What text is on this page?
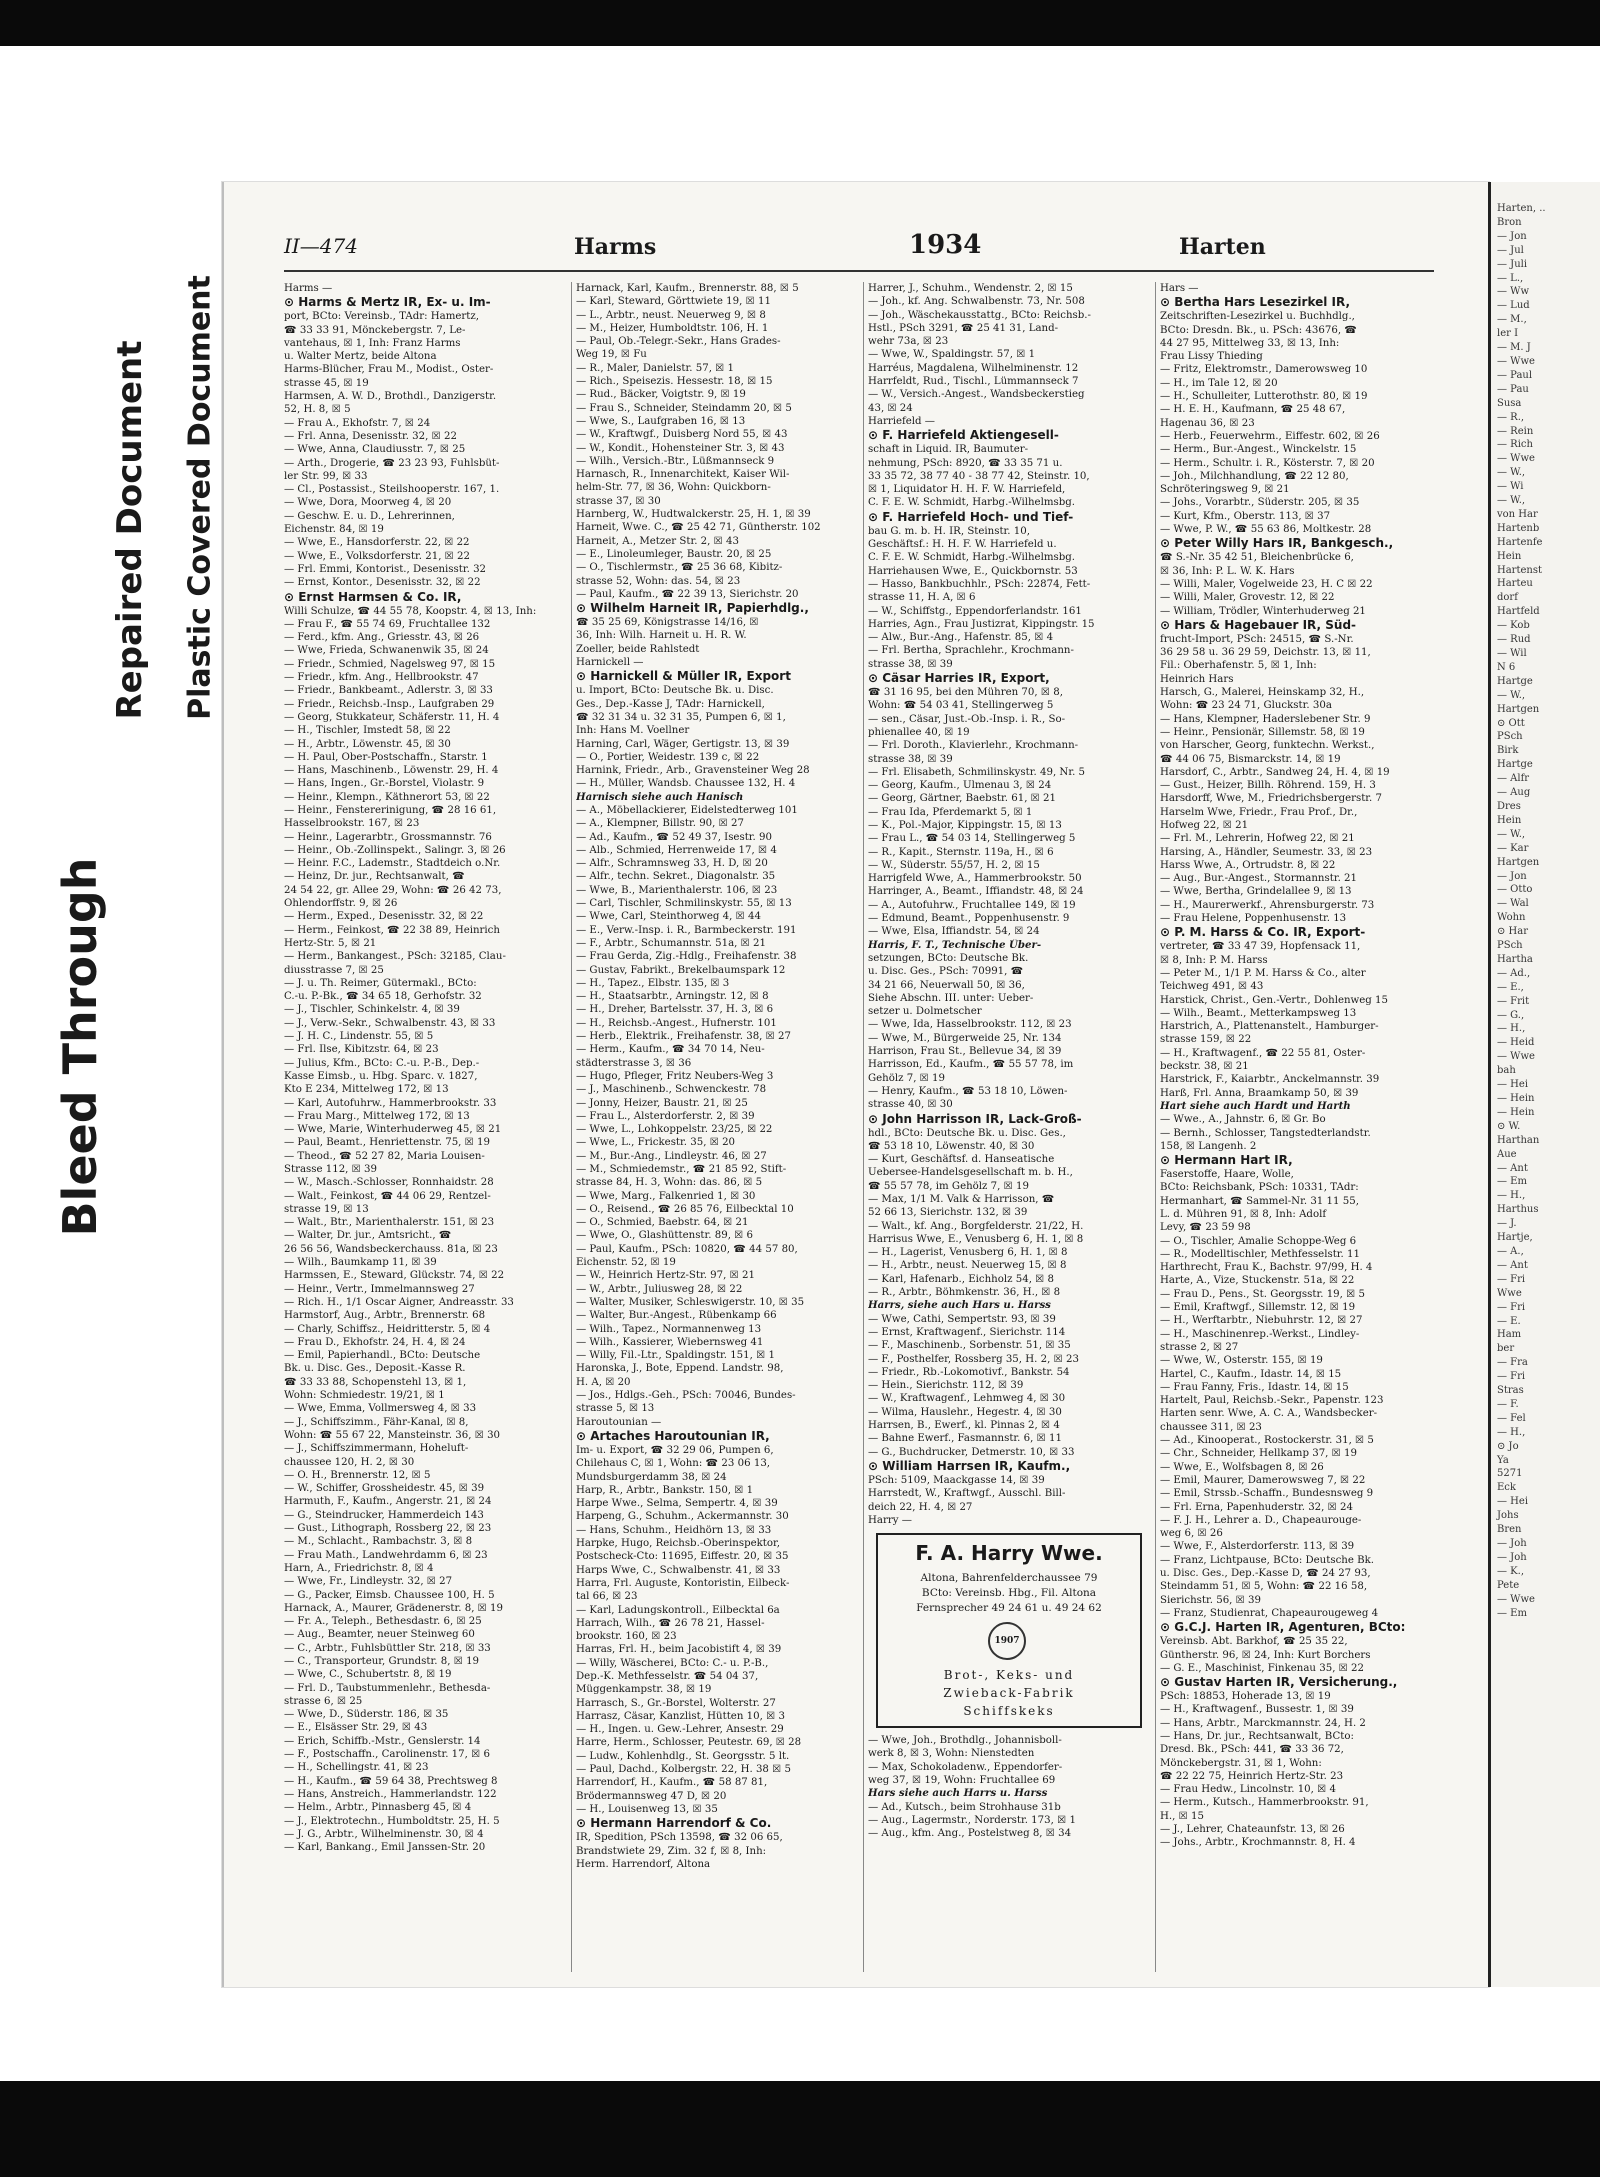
Bleed Through
Repaired Document Plastic Covered Document
II—474	Harms	1934	Harten
Harms —
⊙ Harms & Mertz IR, Ex- u. Im-
port, BCto: Vereinsb., TAdr: Hamertz,
☎ 33 33 91, Mönckebergstr. 7, Le-
vantehaus, ☒ 1, Inh: Franz Harms
u. Walter Mertz, beide Altona
Harms-Blücher, Frau M., Modist., Oster-
strasse 45, ☒ 19
Harmsen, A. W. D., Brothdl., Danzigerstr.
52, H. 8, ☒ 5
— Frau A., Ekhofstr. 7, ☒ 24
— Frl. Anna, Desenisstr. 32, ☒ 22
— Wwe, Anna, Claudiusstr. 7, ☒ 25
— Arth., Drogerie, ☎ 23 23 93, Fuhlsbüt-
ler Str. 99, ☒ 33
— Cl., Postassist., Steilshooperstr. 167, 1.
— Wwe, Dora, Moorweg 4, ☒ 20
— Geschw. E. u. D., Lehrerinnen,
Eichenstr. 84, ☒ 19
— Wwe, E., Hansdorferstr. 22, ☒ 22
— Wwe, E., Volksdorferstr. 21, ☒ 22
— Frl. Emmi, Kontorist., Desenisstr. 32
— Ernst, Kontor., Desenisstr. 32, ☒ 22
⊙ Ernst Harmsen & Co. IR,
Willi Schulze, ☎ 44 55 78, Koopstr. 4, ☒ 13, Inh:
— Frau F., ☎ 55 74 69, Fruchtallee 132
— Ferd., kfm. Ang., Griesstr. 43, ☒ 26
— Wwe, Frieda, Schwanenwik 35, ☒ 24
— Friedr., Schmied, Nagelsweg 97, ☒ 15
— Friedr., kfm. Ang., Hellbrookstr. 47
— Friedr., Bankbeamt., Adlerstr. 3, ☒ 33
— Friedr., Reichsb.-Insp., Laufgraben 29
— Georg, Stukkateur, Schäferstr. 11, H. 4
— H., Tischler, Imstedt 58, ☒ 22
— H., Arbtr., Löwenstr. 45, ☒ 30
— H. Paul, Ober-Postschaffn., Starstr. 1
— Hans, Maschinenb., Löwenstr. 29, H. 4
— Hans, Ingen., Gr.-Borstel, Violastr. 9
— Heinr., Klempn., Käthnerort 53, ☒ 22
— Heinr., Fenstererinigung, ☎ 28 16 61,
Hasselbrookstr. 167, ☒ 23
— Heinr., Lagerarbtr., Grossmannstr. 76
— Heinr., Ob.-Zollinspekt., Salingr. 3, ☒ 26
— Heinr. F.C., Lademstr., Stadtdeich o.Nr.
— Heinz, Dr. jur., Rechtsanwalt, ☎
24 54 22, gr. Allee 29, Wohn: ☎ 26 42 73,
Ohlendorffstr. 9, ☒ 26
— Herm., Exped., Desenisstr. 32, ☒ 22
— Herm., Feinkost, ☎ 22 38 89, Heinrich
Hertz-Str. 5, ☒ 21
— Herm., Bankangest., PSch: 32185, Clau-
diusstrasse 7, ☒ 25
— J. u. Th. Reimer, Gütermakl., BCto:
C.-u. P.-Bk., ☎ 34 65 18, Gerhofstr. 32
— J., Tischler, Schinkelstr. 4, ☒ 39
— J., Verw.-Sekr., Schwalbenstr. 43, ☒ 33
— J. H. C., Lindenstr. 55, ☒ 5
— Frl. Ilse, Kibitzstr. 64, ☒ 23
— Julius, Kfm., BCto: C.-u. P.-B., Dep.-
Kasse Eimsb., u. Hbg. Sparc. v. 1827,
Kto E 234, Mittelweg 172, ☒ 13
— Karl, Autofuhrw., Hammerbrookstr. 33
— Frau Marg., Mittelweg 172, ☒ 13
— Wwe, Marie, Winterhuderweg 45, ☒ 21
— Paul, Beamt., Henriettenstr. 75, ☒ 19
— Theod., ☎ 52 27 82, Maria Louisen-
Strasse 112, ☒ 39
— W., Masch.-Schlosser, Ronnhaidstr. 28
— Walt., Feinkost, ☎ 44 06 29, Rentzel-
strasse 19, ☒ 13
— Walt., Btr., Marienthalerstr. 151, ☒ 23
— Walter, Dr. jur., Amtsricht., ☎
26 56 56, Wandsbeckerchauss. 81a, ☒ 23
— Wilh., Baumkamp 11, ☒ 39
Harmssen, E., Steward, Glückstr. 74, ☒ 22
— Heinr., Vertr., Immelmannsweg 27
— Rich. H., 1/1 Oscar Aigner, Andreasstr. 33
Harmstorf, Aug., Arbtr., Brennerstr. 68
— Charly, Schiffsz., Heidritterstr. 5, ☒ 4
— Frau D., Ekhofstr. 24, H. 4, ☒ 24
— Emil, Papierhandl., BCto: Deutsche
Bk. u. Disc. Ges., Deposit.-Kasse R.
☎ 33 33 88, Schopenstehl 13, ☒ 1,
Wohn: Schmiedestr. 19/21, ☒ 1
— Wwe, Emma, Vollmersweg 4, ☒ 33
— J., Schiffszimm., Fähr-Kanal, ☒ 8,
Wohn: ☎ 55 67 22, Mansteinstr. 36, ☒ 30
— J., Schiffszimmermann, Hoheluft-
chaussee 120, H. 2, ☒ 30
— O. H., Brennerstr. 12, ☒ 5
— W., Schiffer, Grossheidestr. 45, ☒ 39
Harmuth, F., Kaufm., Angerstr. 21, ☒ 24
— G., Steindrucker, Hammerdeich 143
— Gust., Lithograph, Rossberg 22, ☒ 23
— M., Schlacht., Rambachstr. 3, ☒ 8
— Frau Math., Landwehrdamm 6, ☒ 23
Harn, A., Friedrichstr. 8, ☒ 4
— Wwe, Fr., Lindleystr. 32, ☒ 27
— G., Packer, Eimsb. Chaussee 100, H. 5
Harnack, A., Maurer, Grädenerstr. 8, ☒ 19
— Fr. A., Teleph., Bethesdastr. 6, ☒ 25
— Aug., Beamter, neuer Steinweg 60
— C., Arbtr., Fuhlsbüttler Str. 218, ☒ 33
— C., Transporteur, Grundstr. 8, ☒ 19
— Wwe, C., Schubertstr. 8, ☒ 19
— Frl. D., Taubstummenlehr., Bethesda-
strasse 6, ☒ 25
— Wwe, D., Süderstr. 186, ☒ 35
— E., Elsässer Str. 29, ☒ 43
— Erich, Schiffb.-Mstr., Genslerstr. 14
— F., Postschaffn., Carolinenstr. 17, ☒ 6
— H., Schellingstr. 41, ☒ 23
— H., Kaufm., ☎ 59 64 38, Prechtsweg 8
— Hans, Anstreich., Hammerlandstr. 122
— Helm., Arbtr., Pinnasberg 45, ☒ 4
— J., Elektrotechn., Humboldtstr. 25, H. 5
— J. G., Arbtr., Wilhelminenstr. 30, ☒ 4
— Karl, Bankang., Emil Janssen-Str. 20
Harnack, Karl, Kaufm., Brennerstr. 88, ☒ 5
— Karl, Steward, Görttwiete 19, ☒ 11
— L., Arbtr., neust. Neuerweg 9, ☒ 8
— M., Heizer, Humboldtstr. 106, H. 1
— Paul, Ob.-Telegr.-Sekr., Hans Grades-
Weg 19, ☒ Fu
— R., Maler, Danielstr. 57, ☒ 1
— Rich., Speisezis. Hessestr. 18, ☒ 15
— Rud., Bäcker, Voigtstr. 9, ☒ 19
— Frau S., Schneider, Steindamm 20, ☒ 5
— Wwe, S., Laufgraben 16, ☒ 13
— W., Kraftwgf., Duisberg Nord 55, ☒ 43
— W., Kondit., Hohensteiner Str. 3, ☒ 43
— Wilh., Versich.-Btr., Lüßmannseck 9
Harnasch, R., Innenarchitekt, Kaiser Wil-
helm-Str. 77, ☒ 36, Wohn: Quickborn-
strasse 37, ☒ 30
Harnberg, W., Hudtwalckerstr. 25, H. 1, ☒ 39
Harneit, Wwe. C., ☎ 25 42 71, Güntherstr. 102
Harneit, A., Metzer Str. 2, ☒ 43
— E., Linoleumleger, Baustr. 20, ☒ 25
— O., Tischlermstr., ☎ 25 36 68, Kibitz-
strasse 52, Wohn: das. 54, ☒ 23
— Paul, Kaufm., ☎ 22 39 13, Sierichstr. 20
⊙ Wilhelm Harneit IR, Papierhdlg.,
☎ 35 25 69, Königstrasse 14/16, ☒
36, Inh: Wilh. Harneit u. H. R. W.
Zoeller, beide Rahlstedt
Harnickell —
⊙ Harnickell & Müller IR, Export
u. Import, BCto: Deutsche Bk. u. Disc.
Ges., Dep.-Kasse J, TAdr: Harnickell,
☎ 32 31 34 u. 32 31 35, Pumpen 6, ☒ 1,
Inh: Hans M. Voellner
Harning, Carl, Wäger, Gertigstr. 13, ☒ 39
— O., Portier, Weidestr. 139 c, ☒ 22
Harnink, Friedr., Arb., Gravensteiner Weg 28
— H., Müller, Wandsb. Chaussee 132, H. 4
Harnisch siehe auch Hanisch
— A., Möbellackierer, Eidelstedterweg 101
— A., Klempner, Billstr. 90, ☒ 27
— Ad., Kaufm., ☎ 52 49 37, Isestr. 90
— Alb., Schmied, Herrenweide 17, ☒ 4
— Alfr., Schramnsweg 33, H. D, ☒ 20
— Alfr., techn. Sekret., Diagonalstr. 35
— Wwe, B., Marienthalerstr. 106, ☒ 23
— Carl, Tischler, Schmilinskystr. 55, ☒ 13
— Wwe, Carl, Steinthorweg 4, ☒ 44
— E., Verw.-Insp. i. R., Barmbeckerstr. 191
— F., Arbtr., Schumannstr. 51a, ☒ 21
— Frau Gerda, Zig.-Hdlg., Freihafenstr. 38
— Gustav, Fabrikt., Brekelbaumspark 12
— H., Tapez., Elbstr. 135, ☒ 3
— H., Staatsarbtr., Arningstr. 12, ☒ 8
— H., Dreher, Bartelsstr. 37, H. 3, ☒ 6
— H., Reichsb.-Angest., Hufnerstr. 101
— Herb., Elektrik., Freihafenstr. 38, ☒ 27
— Herm., Kaufm., ☎ 34 70 14, Neu-
städterstrasse 3, ☒ 36
— Hugo, Pfleger, Fritz Neubers-Weg 3
— J., Maschinenb., Schwenckestr. 78
— Jonny, Heizer, Baustr. 21, ☒ 25
— Frau L., Alsterdorferstr. 2, ☒ 39
— Wwe, L., Lohkoppelstr. 23/25, ☒ 22
— Wwe, L., Frickestr. 35, ☒ 20
— M., Bur.-Ang., Lindleystr. 46, ☒ 27
— M., Schmiedemstr., ☎ 21 85 92, Stift-
strasse 84, H. 3, Wohn: das. 86, ☒ 5
— Wwe, Marg., Falkenried 1, ☒ 30
— O., Reisend., ☎ 26 85 76, Eilbecktal 10
— O., Schmied, Baebstr. 64, ☒ 21
— Wwe, O., Glashüttenstr. 89, ☒ 6
— Paul, Kaufm., PSch: 10820, ☎ 44 57 80,
Eichenstr. 52, ☒ 19
— W., Heinrich Hertz-Str. 97, ☒ 21
— W., Arbtr., Juliusweg 28, ☒ 22
— Walter, Musiker, Schleswigerstr. 10, ☒ 35
— Walter, Bur.-Angest., Rübenkamp 66
— Wilh., Tapez., Normannenweg 13
— Wilh., Kassierer, Wiebernsweg 41
— Willy, Fil.-Ltr., Spaldingstr. 151, ☒ 1
Haronska, J., Bote, Eppend. Landstr. 98,
H. A, ☒ 20
— Jos., Hdlgs.-Geh., PSch: 70046, Bundes-
strasse 5, ☒ 13
Haroutounian —
⊙ Artaches Haroutounian IR,
Im- u. Export, ☎ 32 29 06, Pumpen 6,
Chilehaus C, ☒ 1, Wohn: ☎ 23 06 13,
Mundsburgerdamm 38, ☒ 24
Harp, R., Arbtr., Bankstr. 150, ☒ 1
Harpe Wwe., Selma, Sempertr. 4, ☒ 39
Harpeng, G., Schuhm., Ackermannstr. 30
— Hans, Schuhm., Heidhörn 13, ☒ 33
Harpke, Hugo, Reichsb.-Oberinspektor,
Postscheck-Cto: 11695, Eiffestr. 20, ☒ 35
Harps Wwe, C., Schwalbenstr. 41, ☒ 33
Harra, Frl. Auguste, Kontoristin, Eilbeck-
tal 66, ☒ 23
— Karl, Ladungskontroll., Eilbecktal 6a
Harrach, Wilh., ☎ 26 78 21, Hassel-
brookstr. 160, ☒ 23
Harras, Frl. H., beim Jacobistift 4, ☒ 39
— Willy, Wäscherei, BCto: C.- u. P.-B.,
Dep.-K. Methfesselstr. ☎ 54 04 37,
Müggenkampstr. 38, ☒ 19
Harrasch, S., Gr.-Borstel, Wolterstr. 27
Harrasz, Cäsar, Kanzlist, Hütten 10, ☒ 3
— H., Ingen. u. Gew.-Lehrer, Ansestr. 29
Harre, Herm., Schlosser, Peutestr. 69, ☒ 28
— Ludw., Kohlenhdlg., St. Georgsstr. 5 lt.
— Paul, Dachd., Kolbergstr. 22, H. 38 ☒ 5
Harrendorf, H., Kaufm., ☎ 58 87 81,
Brödermannsweg 47 D, ☒ 20
— H., Louisenweg 13, ☒ 35
⊙ Hermann Harrendorf & Co.
IR, Spedition, PSch 13598, ☎ 32 06 65,
Brandstwiete 29, Zim. 32 f, ☒ 8, Inh:
Herm. Harrendorf, Altona
Harrer, J., Schuhm., Wendenstr. 2, ☒ 15
— Joh., kf. Ang. Schwalbenstr. 73, Nr. 508
— Joh., Wäschekausstattg., BCto: Reichsb.-
Hstl., PSch 3291, ☎ 25 41 31, Land-
wehr 73a, ☒ 23
— Wwe, W., Spaldingstr. 57, ☒ 1
Harréus, Magdalena, Wilhelminenstr. 12
Harrfeldt, Rud., Tischl., Lümmannseck 7
— W., Versich.-Angest., Wandsbeckerstieg
43, ☒ 24
Harriefeld —
⊙ F. Harriefeld Aktiengesell-
schaft in Liquid. IR, Baumuter-
nehmung, PSch: 8920, ☎ 33 35 71 u.
33 35 72, 38 77 40 - 38 77 42, Steinstr. 10,
☒ 1, Liquidator H. H. F. W. Harriefeld,
C. F. E. W. Schmidt, Harbg.-Wilhelmsbg.
⊙ F. Harriefeld Hoch- und Tief-
bau G. m. b. H. IR, Steinstr. 10,
Geschäftsf.: H. H. F. W. Harriefeld u.
C. F. E. W. Schmidt, Harbg.-Wilhelmsbg.
Harriehausen Wwe, E., Quickbornstr. 53
— Hasso, Bankbuchhlr., PSch: 22874, Fett-
strasse 11, H. A, ☒ 6
— W., Schiffstg., Eppendorferlandstr. 161
Harries, Agn., Frau Justizrat, Kippingstr. 15
— Alw., Bur.-Ang., Hafenstr. 85, ☒ 4
— Frl. Bertha, Sprachlehr., Krochmann-
strasse 38, ☒ 39
⊙ Cäsar Harries IR, Export,
☎ 31 16 95, bei den Mühren 70, ☒ 8,
Wohn: ☎ 54 03 41, Stellingerweg 5
— sen., Cäsar, Just.-Ob.-Insp. i. R., So-
phienallee 40, ☒ 19
— Frl. Doroth., Klavierlehr., Krochmann-
strasse 38, ☒ 39
— Frl. Elisabeth, Schmilinskystr. 49, Nr. 5
— Georg, Kaufm., Ulmenau 3, ☒ 24
— Georg, Gärtner, Baebstr. 61, ☒ 21
— Frau Ida, Pferdemarkt 5, ☒ 1
— K., Pol.-Major, Kippingstr. 15, ☒ 13
— Frau L., ☎ 54 03 14, Stellingerweg 5
— R., Kapit., Sternstr. 119a, H., ☒ 6
— W., Süderstr. 55/57, H. 2, ☒ 15
Harrigfeld Wwe, A., Hammerbrookstr. 50
Harringer, A., Beamt., Iffiandstr. 48, ☒ 24
— A., Autofuhrw., Fruchtallee 149, ☒ 19
— Edmund, Beamt., Poppenhusenstr. 9
— Wwe, Elsa, Iffiandstr. 54, ☒ 24
Harris, F. T., Technische Über-
setzungen, BCto: Deutsche Bk.
u. Disc. Ges., PSch: 70991, ☎
34 21 66, Neuerwall 50, ☒ 36,
Siehe Abschn. III. unter: Ueber-
setzer u. Dolmetscher
— Wwe, Ida, Hasselbrookstr. 112, ☒ 23
— Wwe, M., Bürgerweide 25, Nr. 134
Harrison, Frau St., Bellevue 34, ☒ 39
Harrisson, Ed., Kaufm., ☎ 55 57 78, im
Gehölz 7, ☒ 19
— Henry, Kaufm., ☎ 53 18 10, Löwen-
strasse 40, ☒ 30
⊙ John Harrisson IR, Lack-Groß-
hdl., BCto: Deutsche Bk. u. Disc. Ges.,
☎ 53 18 10, Löwenstr. 40, ☒ 30
— Kurt, Geschäftsf. d. Hanseatische
Uebersee-Handelsgesellschaft m. b. H.,
☎ 55 57 78, im Gehölz 7, ☒ 19
— Max, 1/1 M. Valk & Harrisson, ☎
52 66 13, Sierichstr. 132, ☒ 39
— Walt., kf. Ang., Borgfelderstr. 21/22, H.
Harrisus Wwe, E., Venusberg 6, H. 1, ☒ 8
— H., Lagerist, Venusberg 6, H. 1, ☒ 8
— H., Arbtr., neust. Neuerweg 15, ☒ 8
— Karl, Hafenarb., Eichholz 54, ☒ 8
— R., Arbtr., Böhmkenstr. 36, H., ☒ 8
Harrs, siehe auch Hars u. Harss
— Wwe, Cathi, Sempertstr. 93, ☒ 39
— Ernst, Kraftwagenf., Sierichstr. 114
— F., Maschinenb., Sorbenstr. 51, ☒ 35
— F., Posthelfer, Rossberg 35, H. 2, ☒ 23
— Friedr., Rb.-Lokomotivf., Bankstr. 54
— Hein., Sierichstr. 112, ☒ 39
— W., Kraftwagenf., Lehmweg 4, ☒ 30
— Wilma, Hauslehr., Hegestr. 4, ☒ 30
Harrsen, B., Ewerf., kl. Pinnas 2, ☒ 4
— Bahne Ewerf., Fasmannstr. 6, ☒ 11
— G., Buchdrucker, Detmerstr. 10, ☒ 33
⊙ William Harrsen IR, Kaufm.,
PSch: 5109, Maackgasse 14, ☒ 39
Harrstedt, W., Kraftwgf., Ausschl. Bill-
deich 22, H. 4, ☒ 27
Harry —
F. A. Harry Wwe.
Altona, Bahrenfelderchaussee 79
BCto: Vereinsb. Hbg., Fil. Altona
Fernsprecher 49 24 61 u. 49 24 62
1907
Brot-, Keks- und
Zwieback-Fabrik
Schiffskeks
— Wwe, Joh., Brothdlg., Johannisboll-
werk 8, ☒ 3, Wohn: Nienstedten
— Max, Schokoladenw., Eppendorfer-
weg 37, ☒ 19, Wohn: Fruchtallee 69
Hars siehe auch Harrs u. Harss
— Ad., Kutsch., beim Strohhause 31b
— Aug., Lagermstr., Norderstr. 173, ☒ 1
— Aug., kfm. Ang., Postelstweg 8, ☒ 34
Hars —
⊙ Bertha Hars Lesezirkel IR,
Zeitschriften-Lesezirkel u. Buchhdlg.,
BCto: Dresdn. Bk., u. PSch: 43676, ☎
44 27 95, Mittelweg 33, ☒ 13, Inh:
Frau Lissy Thieding
— Fritz, Elektromstr., Damerowsweg 10
— H., im Tale 12, ☒ 20
— H., Schulleiter, Lutterothstr. 80, ☒ 19
— H. E. H., Kaufmann, ☎ 25 48 67,
Hagenau 36, ☒ 23
— Herb., Feuerwehrm., Eiffestr. 602, ☒ 26
— Herm., Bur.-Angest., Winckelstr. 15
— Herm., Schultr. i. R., Kösterstr. 7, ☒ 20
— Joh., Milchhandlung, ☎ 22 12 80,
Schröteringsweg 9, ☒ 21
— Johs., Vorarbtr., Süderstr. 205, ☒ 35
— Kurt, Kfm., Oberstr. 113, ☒ 37
— Wwe, P. W., ☎ 55 63 86, Moltkestr. 28
⊙ Peter Willy Hars IR, Bankgesch.,
☎ S.-Nr. 35 42 51, Bleichenbrücke 6,
☒ 36, Inh: P. L. W. K. Hars
— Willi, Maler, Vogelweide 23, H. C ☒ 22
— Willi, Maler, Grovestr. 12, ☒ 22
— William, Trödler, Winterhuderweg 21
⊙ Hars & Hagebauer IR, Süd-
frucht-Import, PSch: 24515, ☎ S.-Nr.
36 29 58 u. 36 29 59, Deichstr. 13, ☒ 11,
Fil.: Oberhafenstr. 5, ☒ 1, Inh:
Heinrich Hars
Harsch, G., Malerei, Heinskamp 32, H.,
Wohn: ☎ 23 24 71, Gluckstr. 30a
— Hans, Klempner, Haderslebener Str. 9
— Heinr., Pensionär, Sillemstr. 58, ☒ 19
von Harscher, Georg, funktechn. Werkst.,
☎ 44 06 75, Bismarckstr. 14, ☒ 19
Harsdorf, C., Arbtr., Sandweg 24, H. 4, ☒ 19
— Gust., Heizer, Billh. Röhrend. 159, H. 3
Harsdorff, Wwe, M., Friedrichsbergerstr. 7
Harselm Wwe, Friedr., Frau Prof., Dr.,
Hofweg 22, ☒ 21
— Frl. M., Lehrerin, Hofweg 22, ☒ 21
Harsing, A., Händler, Seumestr. 33, ☒ 23
Harss Wwe, A., Ortrudstr. 8, ☒ 22
— Aug., Bur.-Angest., Stormannstr. 21
— Wwe, Bertha, Grindelallee 9, ☒ 13
— H., Maurerwerkf., Ahrensburgerstr. 73
— Frau Helene, Poppenhusenstr. 13
⊙ P. M. Harss & Co. IR, Export-
vertreter, ☎ 33 47 39, Hopfensack 11,
☒ 8, Inh: P. M. Harss
— Peter M., 1/1 P. M. Harss & Co., alter
Teichweg 491, ☒ 43
Harstick, Christ., Gen.-Vertr., Dohlenweg 15
— Wilh., Beamt., Metterkampsweg 13
Harstrich, A., Plattenanstelt., Hamburger-
strasse 159, ☒ 22
— H., Kraftwagenf., ☎ 22 55 81, Oster-
beckstr. 38, ☒ 21
Harstrick, F., Kaiarbtr., Anckelmannstr. 39
Harß, Frl. Anna, Braamkamp 50, ☒ 39
Hart siehe auch Hardt und Harth
— Wwe., A., Jahnstr. 6, ☒ Gr. Bo
— Bernh., Schlosser, Tangstedterlandstr.
158, ☒ Langenh. 2
⊙ Hermann Hart IR,
Faserstoffe, Haare, Wolle,
BCto: Reichsbank, PSch: 10331, TAdr:
Hermanhart, ☎ Sammel-Nr. 31 11 55,
L. d. Mühren 91, ☒ 8, Inh: Adolf
Levy, ☎ 23 59 98
— O., Tischler, Amalie Schoppe-Weg 6
— R., Modelltischler, Methfesselstr. 11
Harthrecht, Frau K., Bachstr. 97/99, H. 4
Harte, A., Vize, Stuckenstr. 51a, ☒ 22
— Frau D., Pens., St. Georgsstr. 19, ☒ 5
— Emil, Kraftwgf., Sillemstr. 12, ☒ 19
— H., Werftarbtr., Niebuhrstr. 12, ☒ 27
— H., Maschinenrep.-Werkst., Lindley-
strasse 2, ☒ 27
— Wwe, W., Osterstr. 155, ☒ 19
Hartel, C., Kaufm., Idastr. 14, ☒ 15
— Frau Fanny, Fris., Idastr. 14, ☒ 15
Hartelt, Paul, Reichsb.-Sekr., Papenstr. 123
Harten senr. Wwe, A. C. A., Wandsbecker-
chaussee 311, ☒ 23
— Ad., Kinooperat., Rostockerstr. 31, ☒ 5
— Chr., Schneider, Hellkamp 37, ☒ 19
— Wwe, E., Wolfsbagen 8, ☒ 26
— Emil, Maurer, Damerowsweg 7, ☒ 22
— Emil, Strssb.-Schaffn., Bundesnsweg 9
— Frl. Erna, Papenhuderstr. 32, ☒ 24
— F. J. H., Lehrer a. D., Chapeaurouge-
weg 6, ☒ 26
— Wwe, F., Alsterdorferstr. 113, ☒ 39
— Franz, Lichtpause, BCto: Deutsche Bk.
u. Disc. Ges., Dep.-Kasse D, ☎ 24 27 93,
Steindamm 51, ☒ 5, Wohn: ☎ 22 16 58,
Sierichstr. 56, ☒ 39
— Franz, Studienrat, Chapeaurougeweg 4
⊙ G.C.J. Harten IR, Agenturen, BCto:
Vereinsb. Abt. Barkhof, ☎ 25 35 22,
Güntherstr. 96, ☒ 24, Inh: Kurt Borchers
— G. E., Maschinist, Finkenau 35, ☒ 22
⊙ Gustav Harten IR, Versicherung.,
PSch: 18853, Hoherade 13, ☒ 19
— H., Kraftwagenf., Bussestr. 1, ☒ 39
— Hans, Arbtr., Marckmannstr. 24, H. 2
— Hans, Dr. jur., Rechtsanwalt, BCto:
Dresd. Bk., PSch: 441, ☎ 33 36 72,
Mönckebergstr. 31, ☒ 1, Wohn:
☎ 22 22 75, Heinrich Hertz-Str. 23
— Frau Hedw., Lincolnstr. 10, ☒ 4
— Herm., Kutsch., Hammerbrookstr. 91,
H., ☒ 15
— J., Lehrer, Chateaunfstr. 13, ☒ 26
— Johs., Arbtr., Krochmannstr. 8, H. 4
Harten, ..
Bron
— Jon
— Jul
— Juli
— L.,
— Ww
— Lud
— M.,
ler I
— M. J
— Wwe
— Paul
— Pau
Susa
— R.,
— Rein
— Rich
— Wwe
— W.,
— Wi
— W.,
von Har
Hartenb
Hartenfe
Hein
Hartenst
Harteu
dorf
Hartfeld
— Kob
— Rud
— Wil
N 6
Hartge
— W.,
Hartgen
⊙ Ott
PSch
Birk
Hartge
— Alfr
— Aug
Dres
Hein
— W.,
— Kar
Hartgen
— Jon
— Otto
— Wal
Wohn
⊙ Har
PSch
Hartha
— Ad.,
— E.,
— Frit
— G.,
— H.,
— Heid
— Wwe
bah
— Hei
— Hein
— Hein
⊙ W.
Harthan
Aue
— Ant
— Em
— H.,
Harthus
— J.
Hartje,
— A.,
— Ant
— Fri
Wwe
— Fri
— E.
Ham
ber
— Fra
— Fri
Stras
— F.
— Fel
— H.,
⊙ Jo
Ya
5271
Eck
— Hei
Johs
Bren
— Joh
— Joh
— K.,
Pete
— Wwe
— Em
